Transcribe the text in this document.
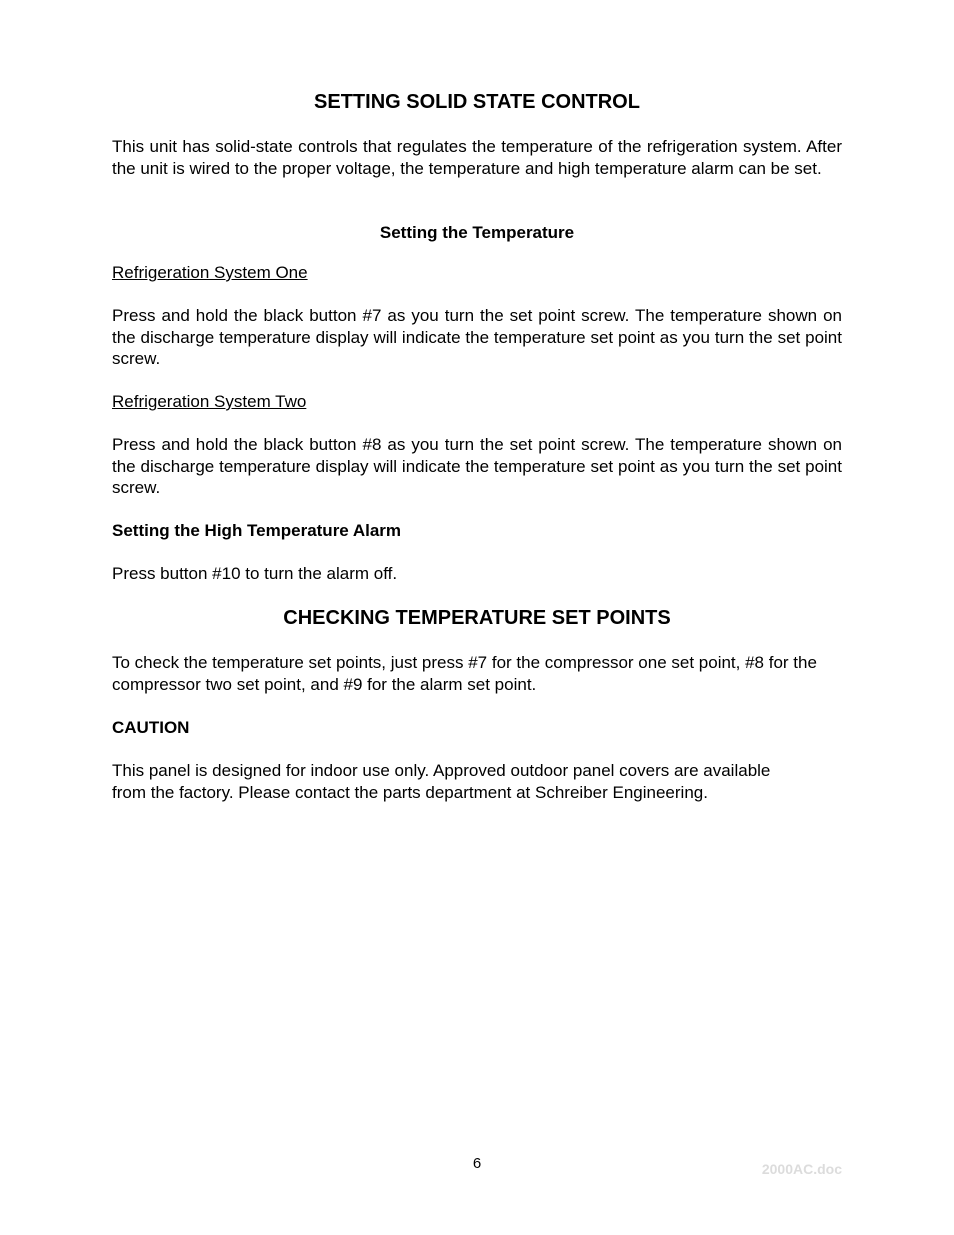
SETTING SOLID STATE CONTROL

This unit has solid-state controls that regulates the temperature of the refrigeration system. After the unit is wired to the proper voltage, the temperature and high temperature alarm can be set.

Setting the Temperature

Refrigeration System One

Press and hold the black button #7 as you turn the set point screw. The temperature shown on the discharge temperature display will indicate the temperature set point as you turn the set point screw.

Refrigeration System Two

Press and hold the black button #8 as you turn the set point screw. The temperature shown on the discharge temperature display will indicate the temperature set point as you turn the set point screw.

Setting the High Temperature Alarm

Press button #10 to turn the alarm off.

CHECKING TEMPERATURE SET POINTS

To check the temperature set points, just press #7 for the compressor one set point, #8 for the compressor two set point, and #9 for the alarm set point.

CAUTION

This panel is designed for indoor use only. Approved outdoor panel covers are available from the factory. Please contact the parts department at Schreiber Engineering.

6	2000AC.doc
